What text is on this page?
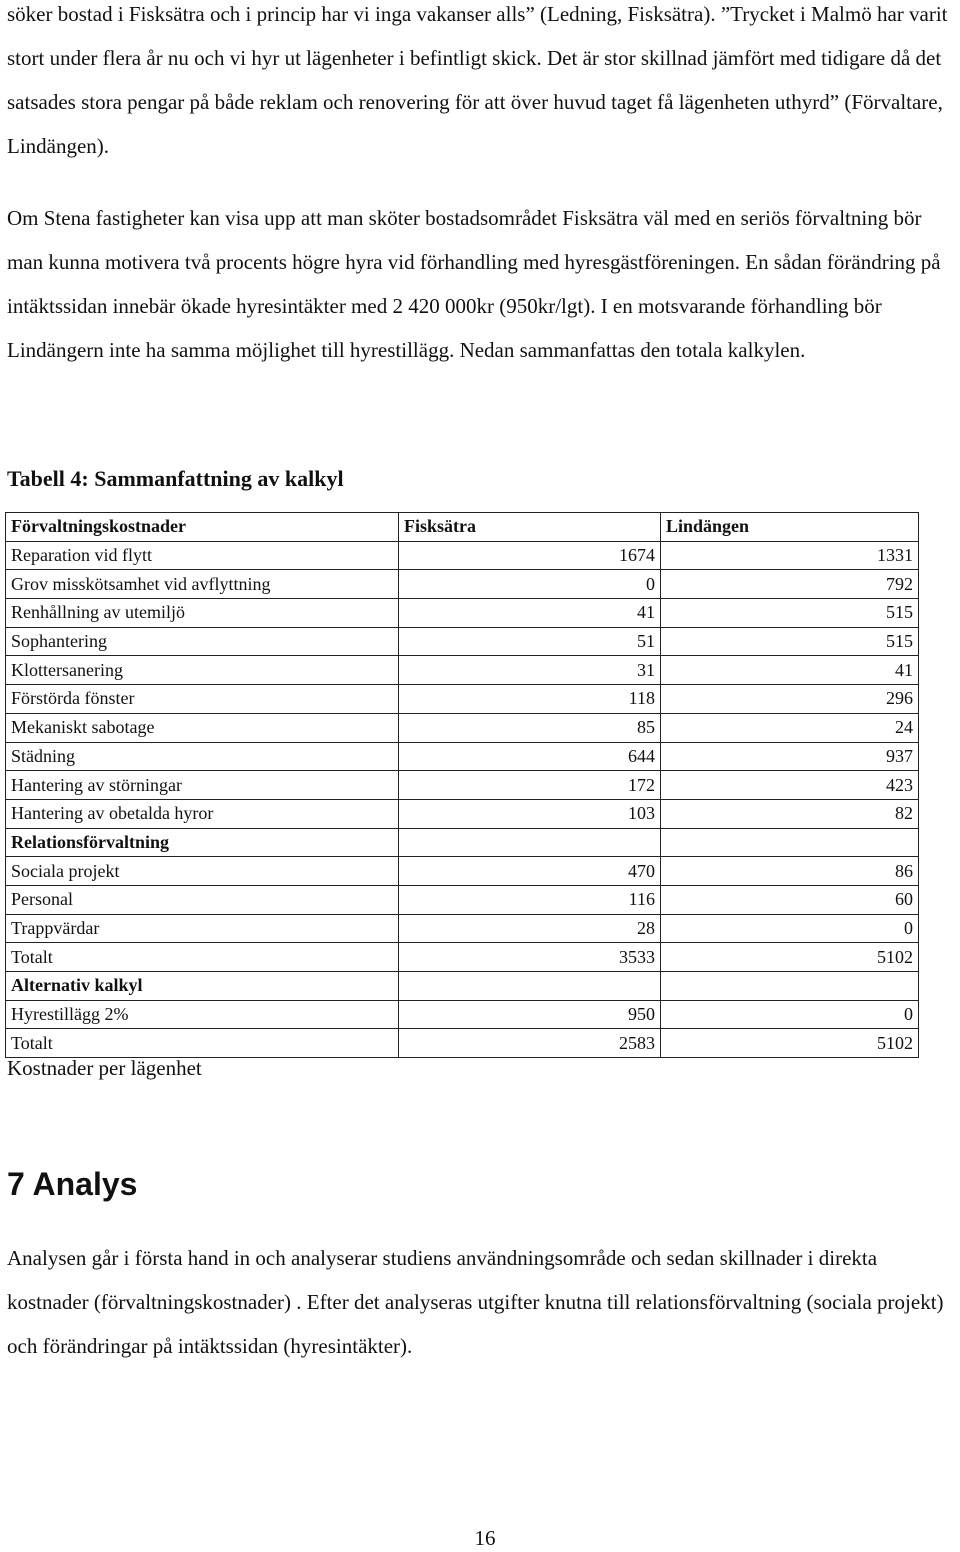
söker bostad i Fisksätra och i princip har vi inga vakanser alls” (Ledning, Fisksätra). ”Trycket i Malmö har varit stort under flera år nu och vi hyr ut lägenheter i befintligt skick. Det är stor skillnad jämfört med tidigare då det satsades stora pengar på både reklam och renovering för att över huvud taget få lägenheten uthyrd” (Förvaltare, Lindängen).

Om Stena fastigheter kan visa upp att man sköter bostadsområdet Fisksätra väl med en seriös förvaltning bör man kunna motivera två procents högre hyra vid förhandling med hyresgästföreningen. En sådan förändring på intäktssidan innebär ökade hyresintäkter med 2 420 000kr (950kr/lgt). I en motsvarande förhandling bör Lindängern inte ha samma möjlighet till hyrestillägg. Nedan sammanfattas den totala kalkylen.

Tabell 4: Sammanfattning av kalkyl

Förvaltningskostnader	Fisksätra	Lindängen
Reparation vid flytt	1674	1331
Grov misskötsamhet vid avflyttning	0	792
Renhållning av utemiljö	41	515
Sophantering	51	515
Klottersanering	31	41
Förstörda fönster	118	296
Mekaniskt sabotage	85	24
Städning	644	937
Hantering av störningar	172	423
Hantering av obetalda hyror	103	82
Relationsförvaltning		
Sociala projekt	470	86
Personal	116	60
Trappvärdar	28	0
Totalt	3533	5102
Alternativ kalkyl		
Hyrestillägg 2%	950	0
Totalt	2583	5102

Kostnader per lägenhet

7 Analys

Analysen går i första hand in och analyserar studiens användningsområde och sedan skillnader i direkta kostnader (förvaltningskostnader) . Efter det analyseras utgifter knutna till relationsförvaltning (sociala projekt) och förändringar på intäktssidan (hyresintäkter).

16
